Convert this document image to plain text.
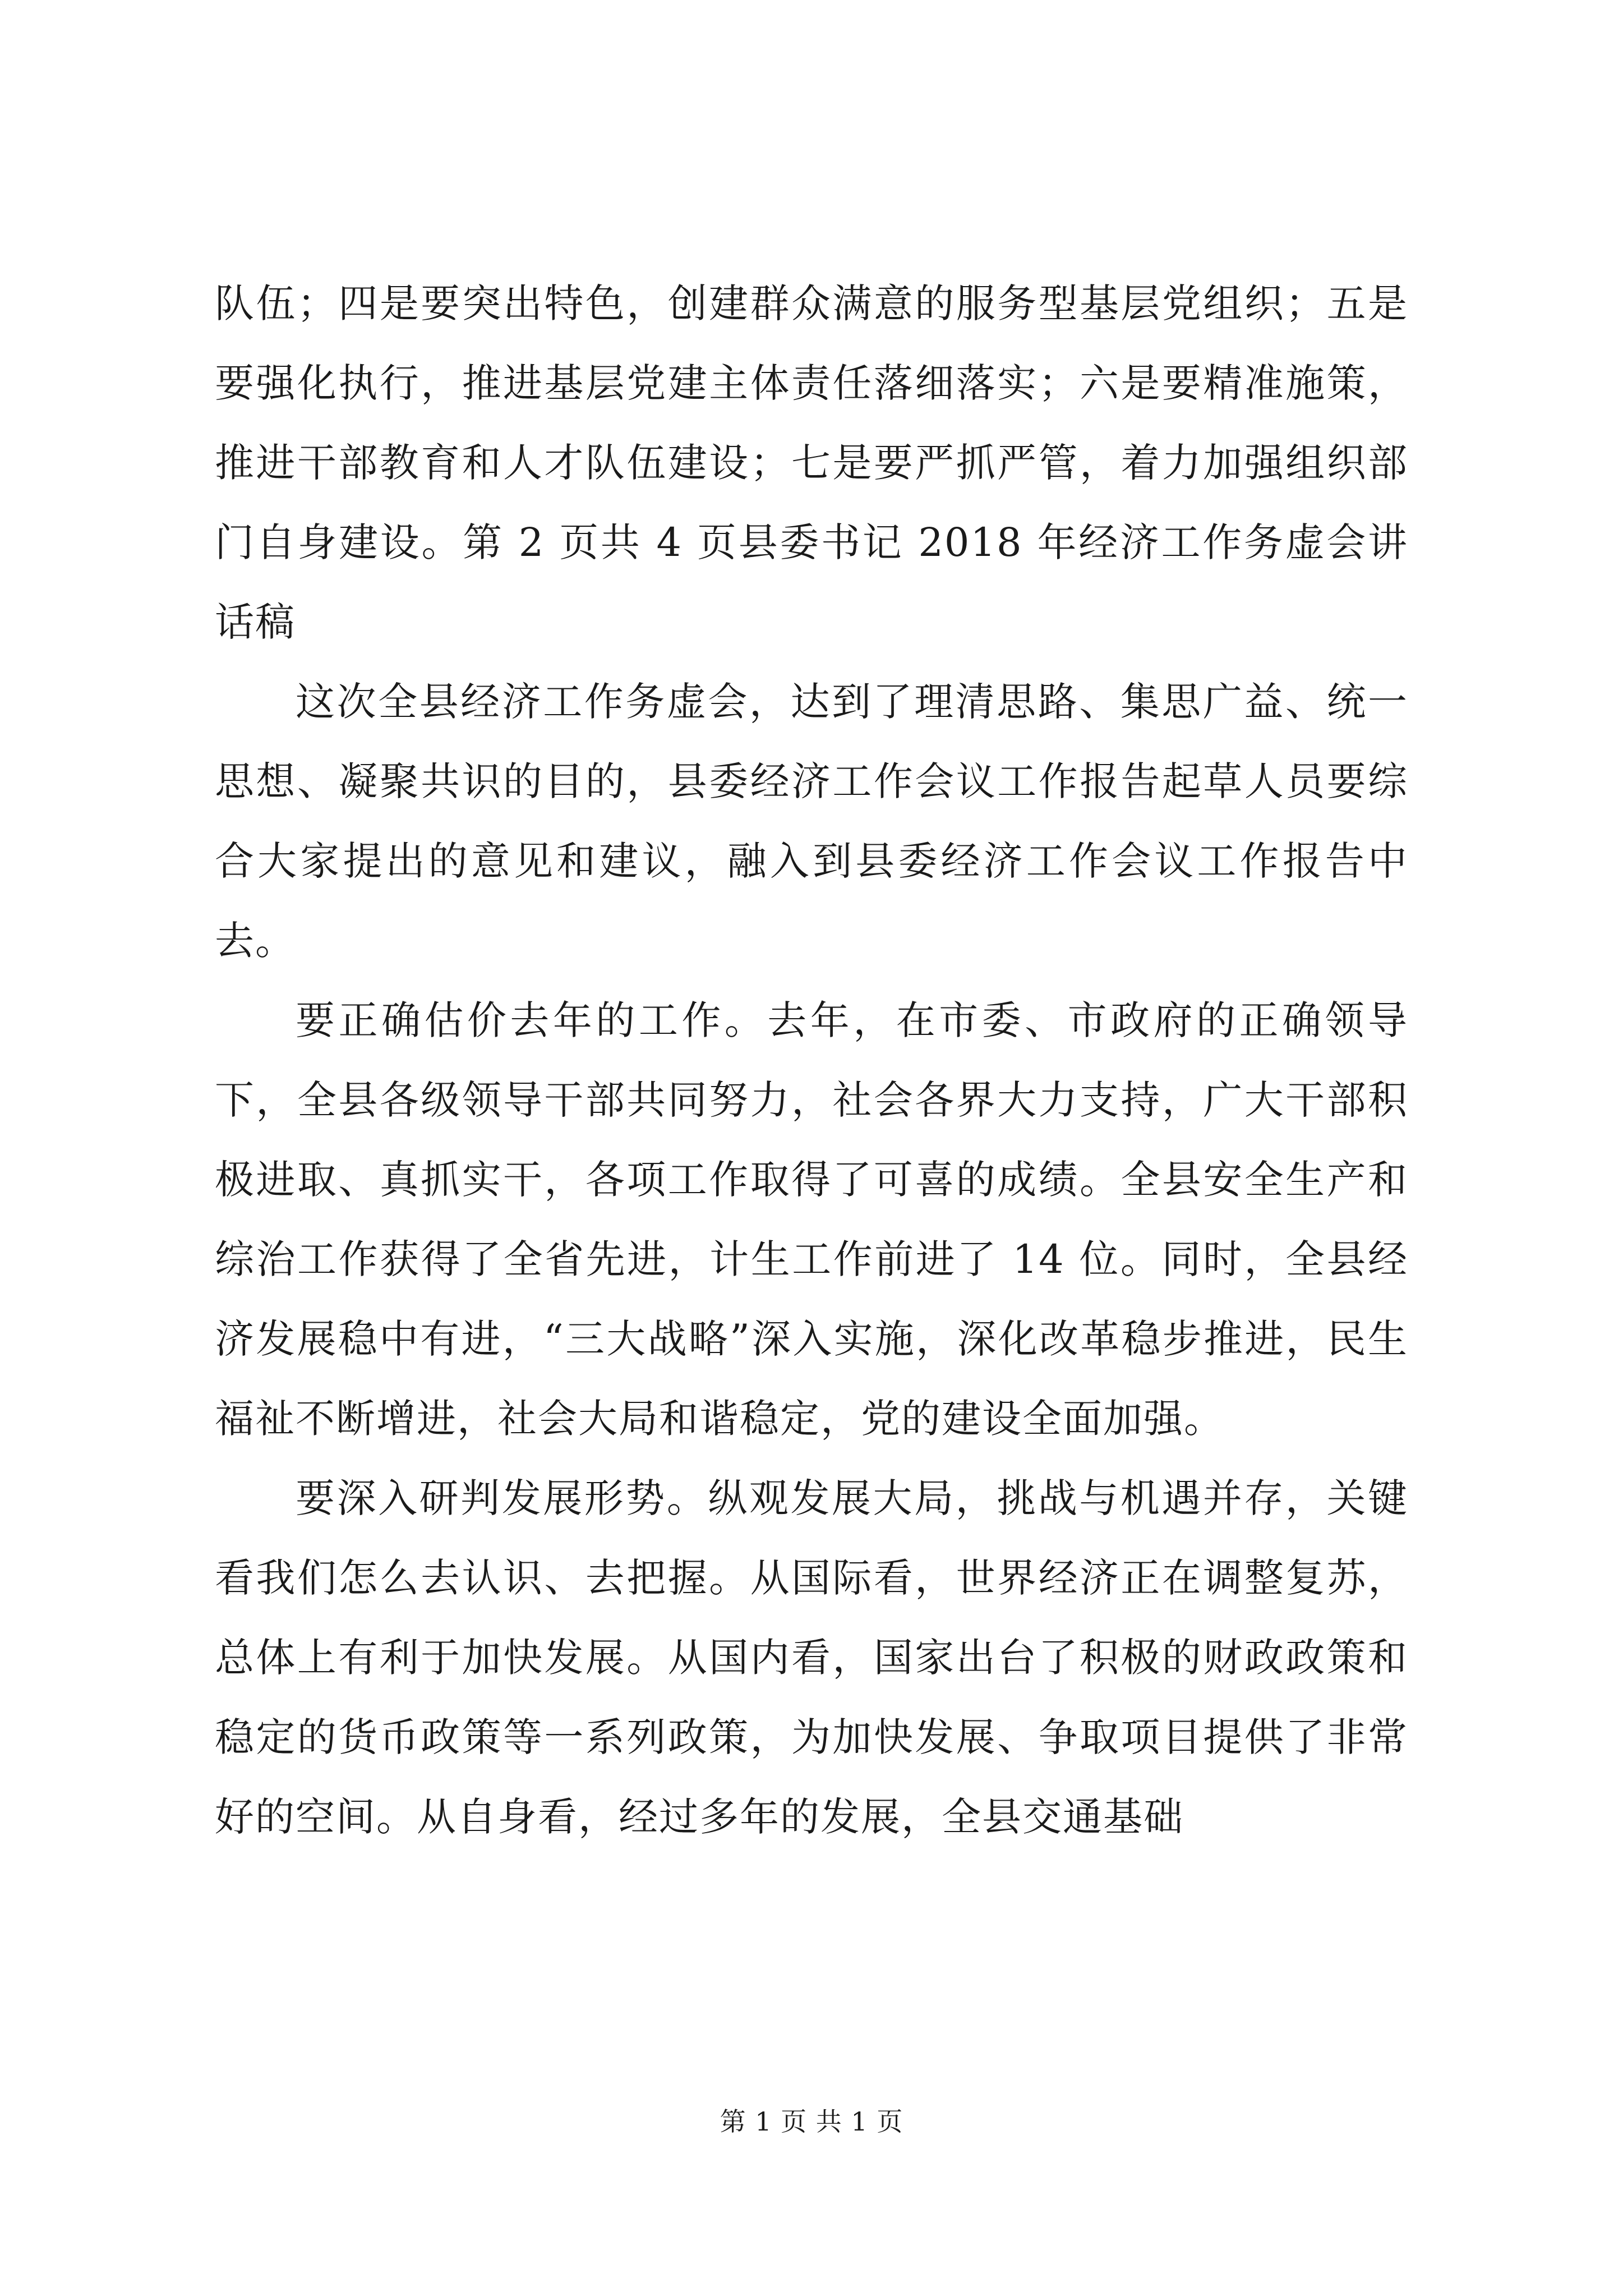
队伍；四是要突出特色，创建群众满意的服务型基层党组织；五是要强化执行，推进基层党建主体责任落细落实；六是要精准施策，推进干部教育和人才队伍建设；七是要严抓严管，着力加强组织部门自身建设。第 2 页共 4 页县委书记 2018 年经济工作务虚会讲话稿

这次全县经济工作务虚会，达到了理清思路、集思广益、统一思想、凝聚共识的目的，县委经济工作会议工作报告起草人员要综合大家提出的意见和建议，融入到县委经济工作会议工作报告中去。

要正确估价去年的工作。去年，在市委、市政府的正确领导下，全县各级领导干部共同努力，社会各界大力支持，广大干部积极进取、真抓实干，各项工作取得了可喜的成绩。全县安全生产和综治工作获得了全省先进，计生工作前进了 14 位。同时，全县经济发展稳中有进，“三大战略”深入实施，深化改革稳步推进，民生福祉不断增进，社会大局和谐稳定，党的建设全面加强。

要深入研判发展形势。纵观发展大局，挑战与机遇并存，关键看我们怎么去认识、去把握。从国际看，世界经济正在调整复苏，总体上有利于加快发展。从国内看，国家出台了积极的财政政策和稳定的货币政策等一系列政策，为加快发展、争取项目提供了非常好的空间。从自身看，经过多年的发展，全县交通基础

第 1 页 共 1 页
